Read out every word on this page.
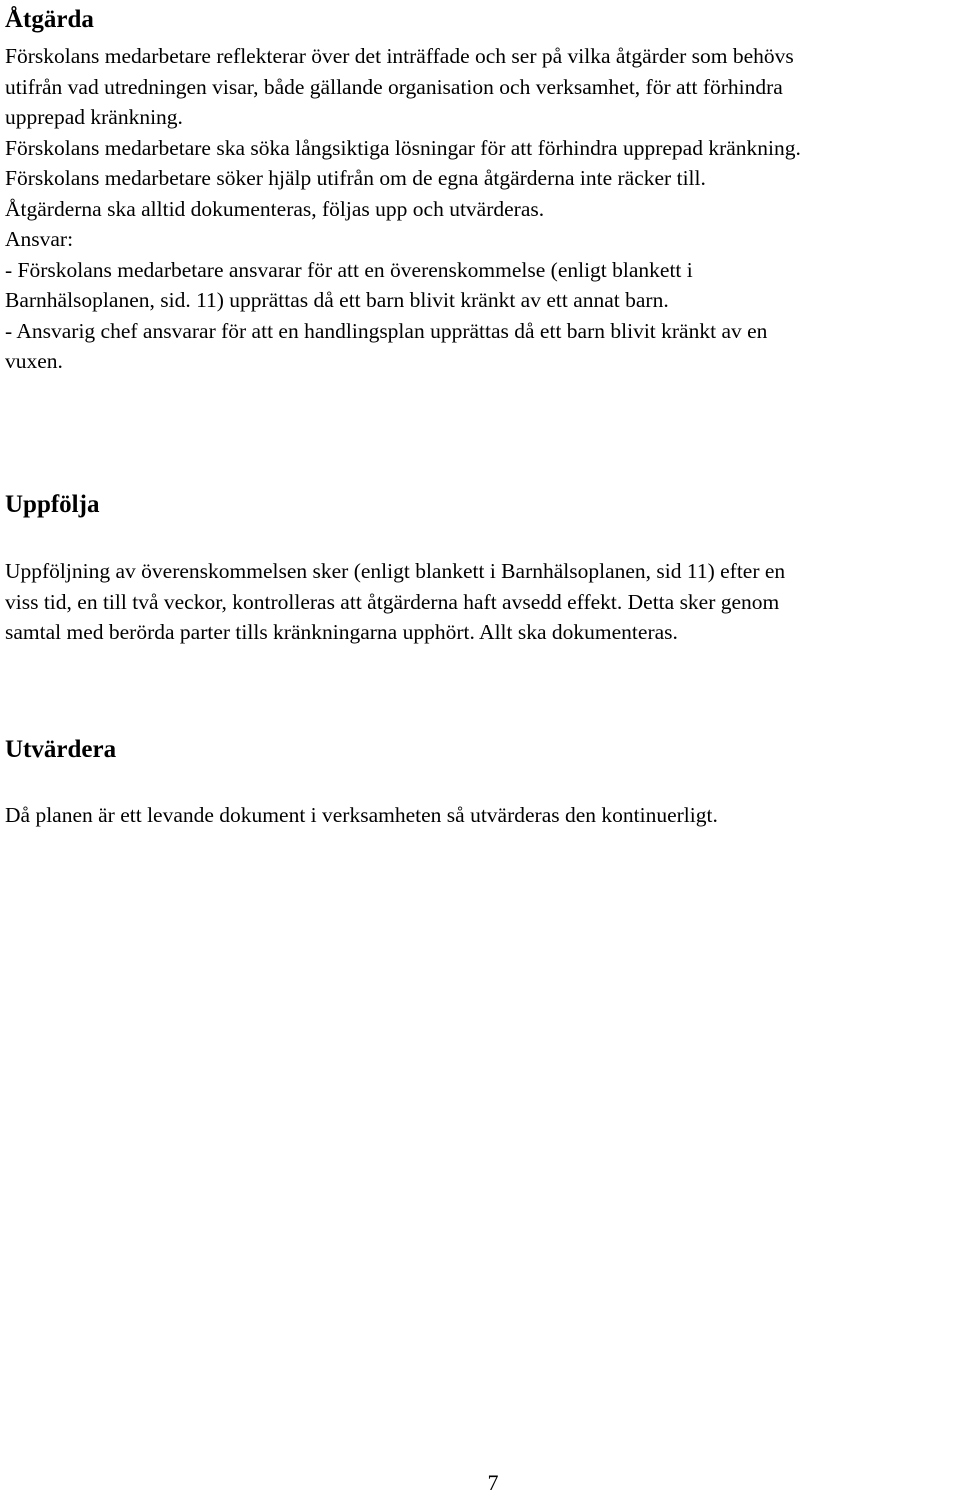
Åtgärda

Förskolans medarbetare reflekterar över det inträffade och ser på vilka åtgärder som behövs

utifrån vad utredningen visar, både gällande organisation och verksamhet, för att förhindra

upprepad kränkning.

Förskolans medarbetare ska söka långsiktiga lösningar för att förhindra upprepad kränkning.

Förskolans medarbetare söker hjälp utifrån om de egna åtgärderna inte räcker till.

Åtgärderna ska alltid dokumenteras, följas upp och utvärderas.

Ansvar:

- Förskolans medarbetare ansvarar för att en överenskommelse (enligt blankett i

Barnhälsoplanen, sid. 11) upprättas då ett barn blivit kränkt av ett annat barn.

- Ansvarig chef ansvarar för att en handlingsplan upprättas då ett barn blivit kränkt av en

vuxen.

Uppfölja

Uppföljning av överenskommelsen sker (enligt blankett i Barnhälsoplanen, sid 11) efter en

viss tid, en till två veckor, kontrolleras att åtgärderna haft avsedd effekt. Detta sker genom

samtal med berörda parter tills kränkningarna upphört. Allt ska dokumenteras.

Utvärdera

Då planen är ett levande dokument i verksamheten så utvärderas den kontinuerligt.

7
